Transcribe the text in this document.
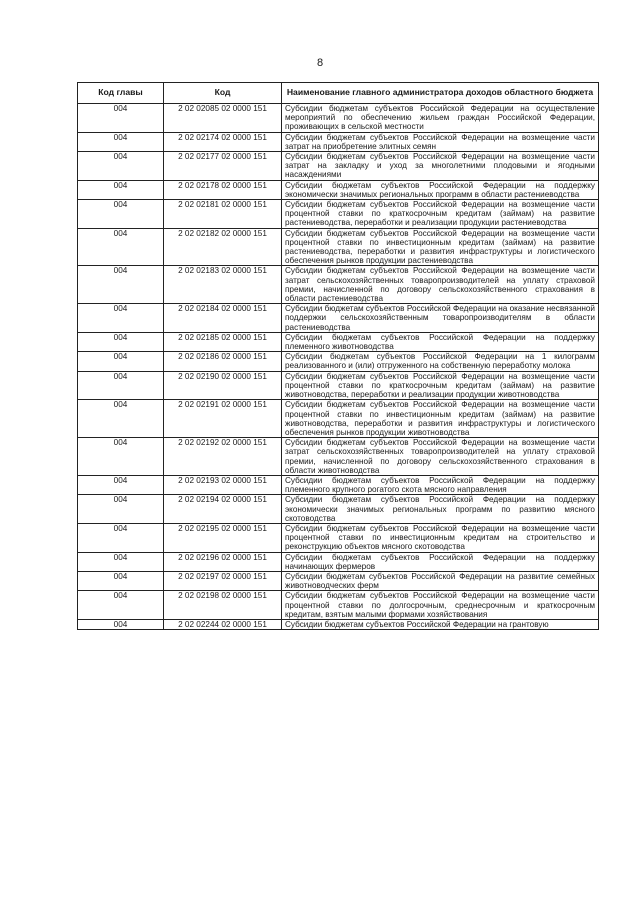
8
Код главы	Код	Наименование главного администратора доходов областного бюджета
004	2 02 02085 02 0000 151	Субсидии бюджетам субъектов Российской Федерации на осуществление мероприятий по обеспечению жильем граждан Российской Федерации, проживающих в сельской местности
004	2 02 02174 02 0000 151	Субсидии бюджетам субъектов Российской Федерации на возмещение части затрат на приобретение элитных семян
004	2 02 02177 02 0000 151	Субсидии бюджетам субъектов Российской Федерации на возмещение части затрат на закладку и уход за многолетними плодовыми и ягодными насаждениями
004	2 02 02178 02 0000 151	Субсидии бюджетам субъектов Российской Федерации на поддержку экономически значимых региональных программ в области растениеводства
004	2 02 02181 02 0000 151	Субсидии бюджетам субъектов Российской Федерации на возмещение части процентной ставки по краткосрочным кредитам (займам) на развитие растениеводства, переработки и реализации продукции растениеводства
004	2 02 02182 02 0000 151	Субсидии бюджетам субъектов Российской Федерации на возмещение части процентной ставки по инвестиционным кредитам (займам) на развитие растениеводства, переработки и развития инфраструктуры и логистического обеспечения рынков продукции растениеводства
004	2 02 02183 02 0000 151	Субсидии бюджетам субъектов Российской Федерации на возмещение части затрат сельскохозяйственных товаропроизводителей на уплату страховой премии, начисленной по договору сельскохозяйственного страхования в области растениеводства
004	2 02 02184 02 0000 151	Субсидии бюджетам субъектов Российской Федерации на оказание несвязанной поддержки сельскохозяйственным товаропроизводителям в области растениеводства
004	2 02 02185 02 0000 151	Субсидии бюджетам субъектов Российской Федерации на поддержку племенного животноводства
004	2 02 02186 02 0000 151	Субсидии бюджетам субъектов Российской Федерации на 1 килограмм реализованного и (или) отгруженного на собственную переработку молока
004	2 02 02190 02 0000 151	Субсидии бюджетам субъектов Российской Федерации на возмещение части процентной ставки по краткосрочным кредитам (займам) на развитие животноводства, переработки и реализации продукции животноводства
004	2 02 02191 02 0000 151	Субсидии бюджетам субъектов Российской Федерации на возмещение части процентной ставки по инвестиционным кредитам (займам) на развитие животноводства, переработки и развития инфраструктуры и логистического обеспечения рынков продукции животноводства
004	2 02 02192 02 0000 151	Субсидии бюджетам субъектов Российской Федерации на возмещение части затрат сельскохозяйственных товаропроизводителей на уплату страховой премии, начисленной по договору сельскохозяйственного страхования в области животноводства
004	2 02 02193 02 0000 151	Субсидии бюджетам субъектов Российской Федерации на поддержку племенного крупного рогатого скота мясного направления
004	2 02 02194 02 0000 151	Субсидии бюджетам субъектов Российской Федерации на поддержку экономически значимых региональных программ по развитию мясного скотоводства
004	2 02 02195 02 0000 151	Субсидии бюджетам субъектов Российской Федерации на возмещение части процентной ставки по инвестиционным кредитам на строительство и реконструкцию объектов мясного скотоводства
004	2 02 02196 02 0000 151	Субсидии бюджетам субъектов Российской Федерации на поддержку начинающих фермеров
004	2 02 02197 02 0000 151	Субсидии бюджетам субъектов Российской Федерации на развитие семейных животноводческих ферм
004	2 02 02198 02 0000 151	Субсидии бюджетам субъектов Российской Федерации на возмещение части процентной ставки по долгосрочным, среднесрочным и краткосрочным кредитам, взятым малыми формами хозяйствования
004	2 02 02244 02 0000 151	Субсидии бюджетам субъектов Российской Федерации на грантовую
